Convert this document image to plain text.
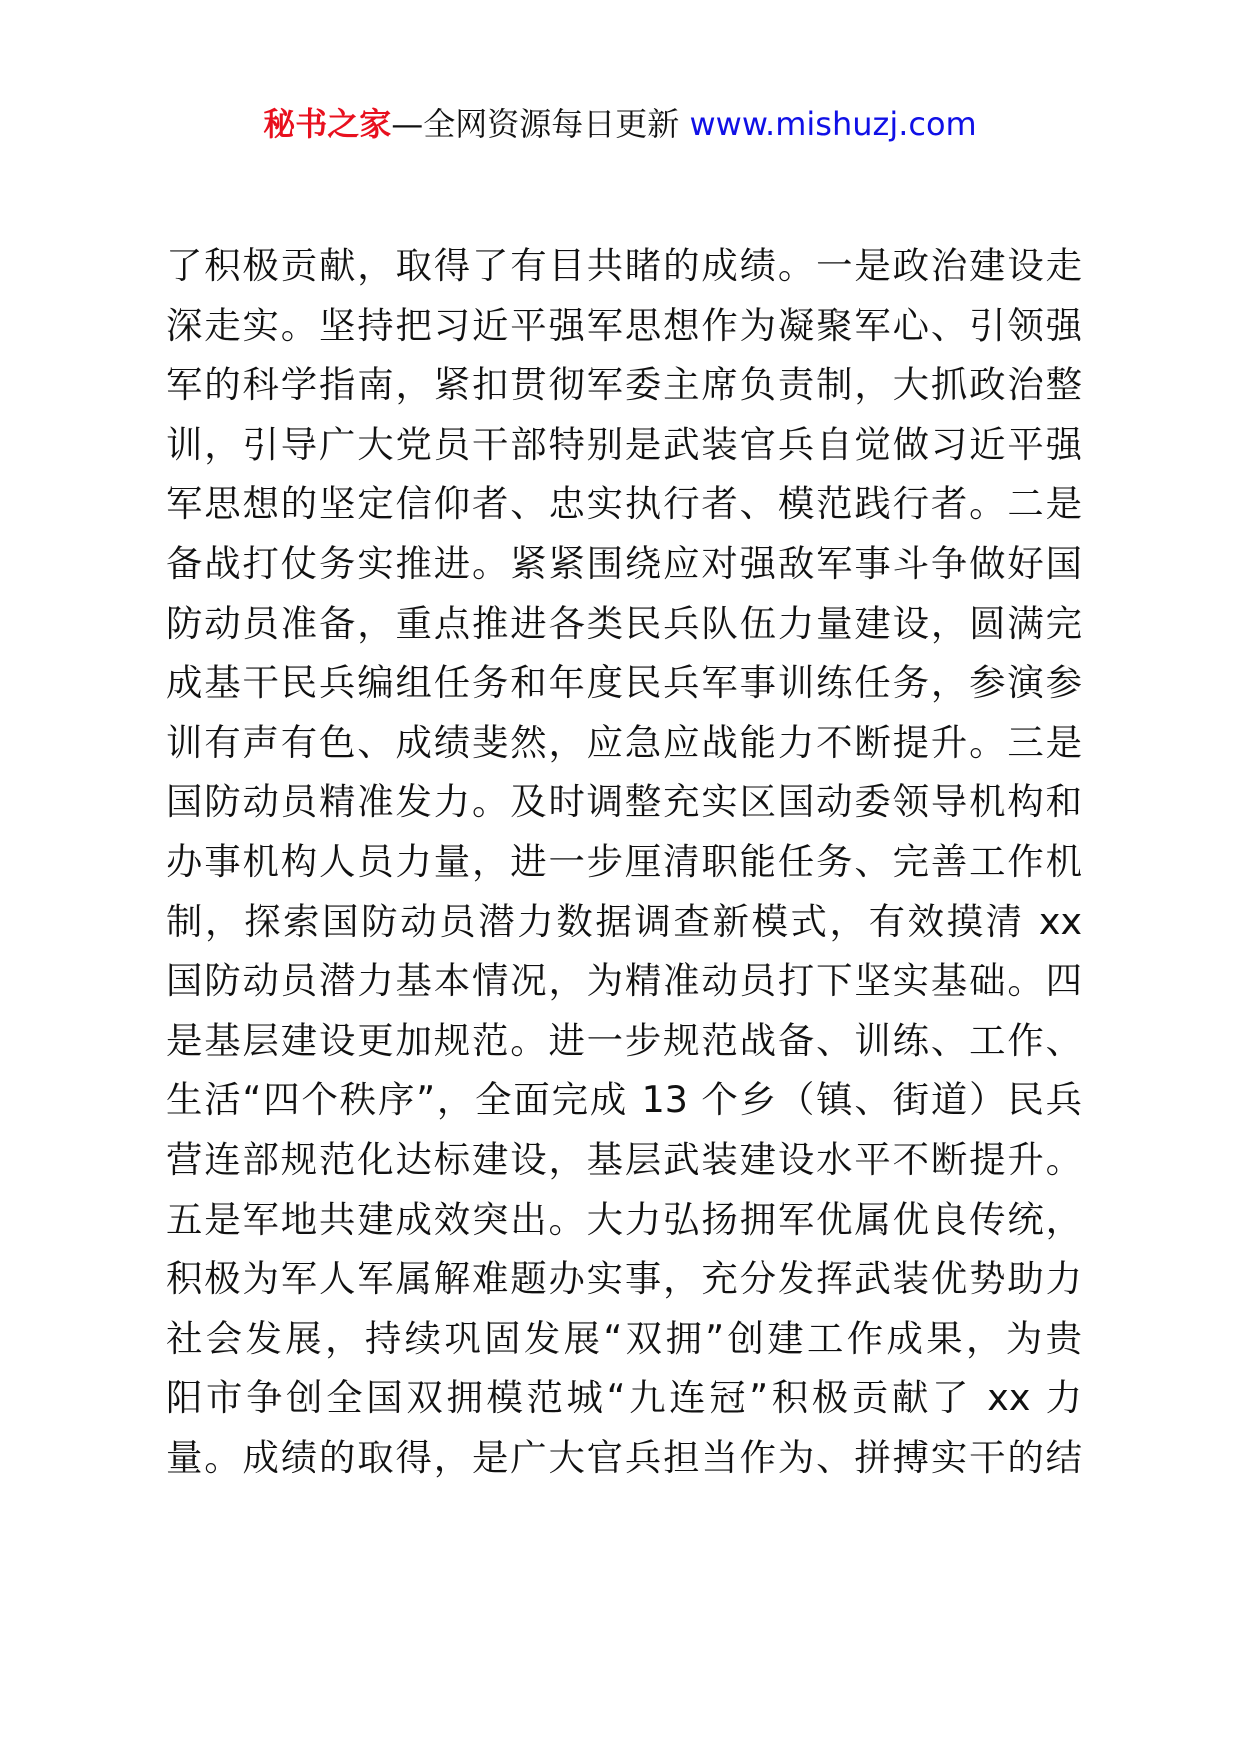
秘书之家—全网资源每日更新 www.mishuzj.com
了积极贡献，取得了有目共睹的成绩。一是政治建设走
深走实。坚持把习近平强军思想作为凝聚军心、引领强
军的科学指南，紧扣贯彻军委主席负责制，大抓政治整
训，引导广大党员干部特别是武装官兵自觉做习近平强
军思想的坚定信仰者、忠实执行者、模范践行者。二是
备战打仗务实推进。紧紧围绕应对强敌军事斗争做好国
防动员准备，重点推进各类民兵队伍力量建设，圆满完
成基干民兵编组任务和年度民兵军事训练任务，参演参
训有声有色、成绩斐然，应急应战能力不断提升。三是
国防动员精准发力。及时调整充实区国动委领导机构和
办事机构人员力量，进一步厘清职能任务、完善工作机
制，探索国防动员潜力数据调查新模式，有效摸清 xx
国防动员潜力基本情况，为精准动员打下坚实基础。四
是基层建设更加规范。进一步规范战备、训练、工作、
生活“四个秩序”，全面完成 13 个乡（镇、街道）民兵
营连部规范化达标建设，基层武装建设水平不断提升。
五是军地共建成效突出。大力弘扬拥军优属优良传统，
积极为军人军属解难题办实事，充分发挥武装优势助力
社会发展，持续巩固发展“双拥”创建工作成果，为贵
阳市争创全国双拥模范城“九连冠”积极贡献了 xx 力
量。成绩的取得，是广大官兵担当作为、拼搏实干的结
